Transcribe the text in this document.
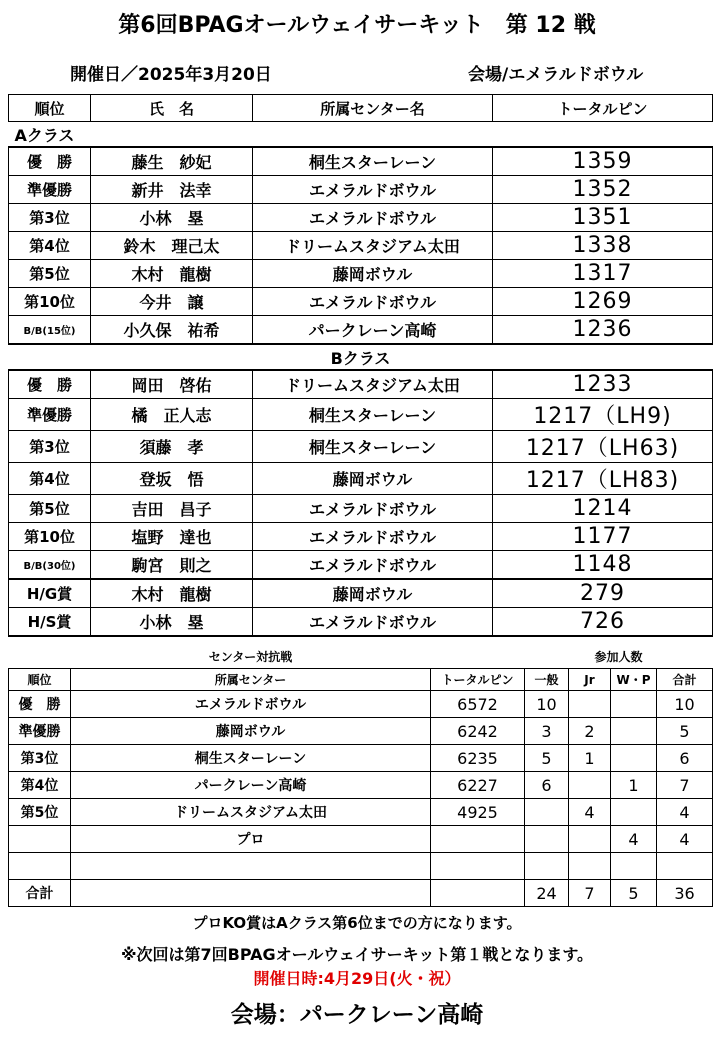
第6回BPAGオールウェイサーキット　第 12 戦
開催日／2025年3月20日	会場/エメラルドボウル
順位	氏　名	所属センター名	トータルピン
Aクラス			
優　勝	藤生　紗妃	桐生スターレーン	1359
準優勝	新井　法幸	エメラルドボウル	1352
第3位	小林　塁	エメラルドボウル	1351
第4位	鈴木　理己太	ドリームスタジアム太田	1338
第5位	木村　龍樹	藤岡ボウル	1317
第10位	今井　譲	エメラルドボウル	1269
B/B(15位)	小久保　祐希	パークレーン高崎	1236
Bクラス			
優　勝	岡田　啓佑	ドリームスタジアム太田	1233
準優勝	橘　正人志	桐生スターレーン	1217（LH9)
第3位	須藤　孝	桐生スターレーン	1217（LH63)
第4位	登坂　悟	藤岡ボウル	1217（LH83)
第5位	吉田　昌子	エメラルドボウル	1214
第10位	塩野　達也	エメラルドボウル	1177
B/B(30位)	駒宮　則之	エメラルドボウル	1148
H/G賞	木村　龍樹	藤岡ボウル	279
H/S賞	小林　塁	エメラルドボウル	726
	センター対抗戦		参加人数			
順位	所属センター	トータルピン	一般	Jr	W・P	合計
優　勝	エメラルドボウル	6572	10			10
準優勝	藤岡ボウル	6242	3	2		5
第3位	桐生スターレーン	6235	5	1		6
第4位	パークレーン高崎	6227	6		1	7
第5位	ドリームスタジアム太田	4925		4		4
	プロ				4	4

合計			24	7	5	36
プロKO賞はAクラス第6位までの方になります。
※次回は第7回BPAGオールウェイサーキット第１戦となります。
開催日時:4月29日(火・祝）
会場：パークレーン高崎
